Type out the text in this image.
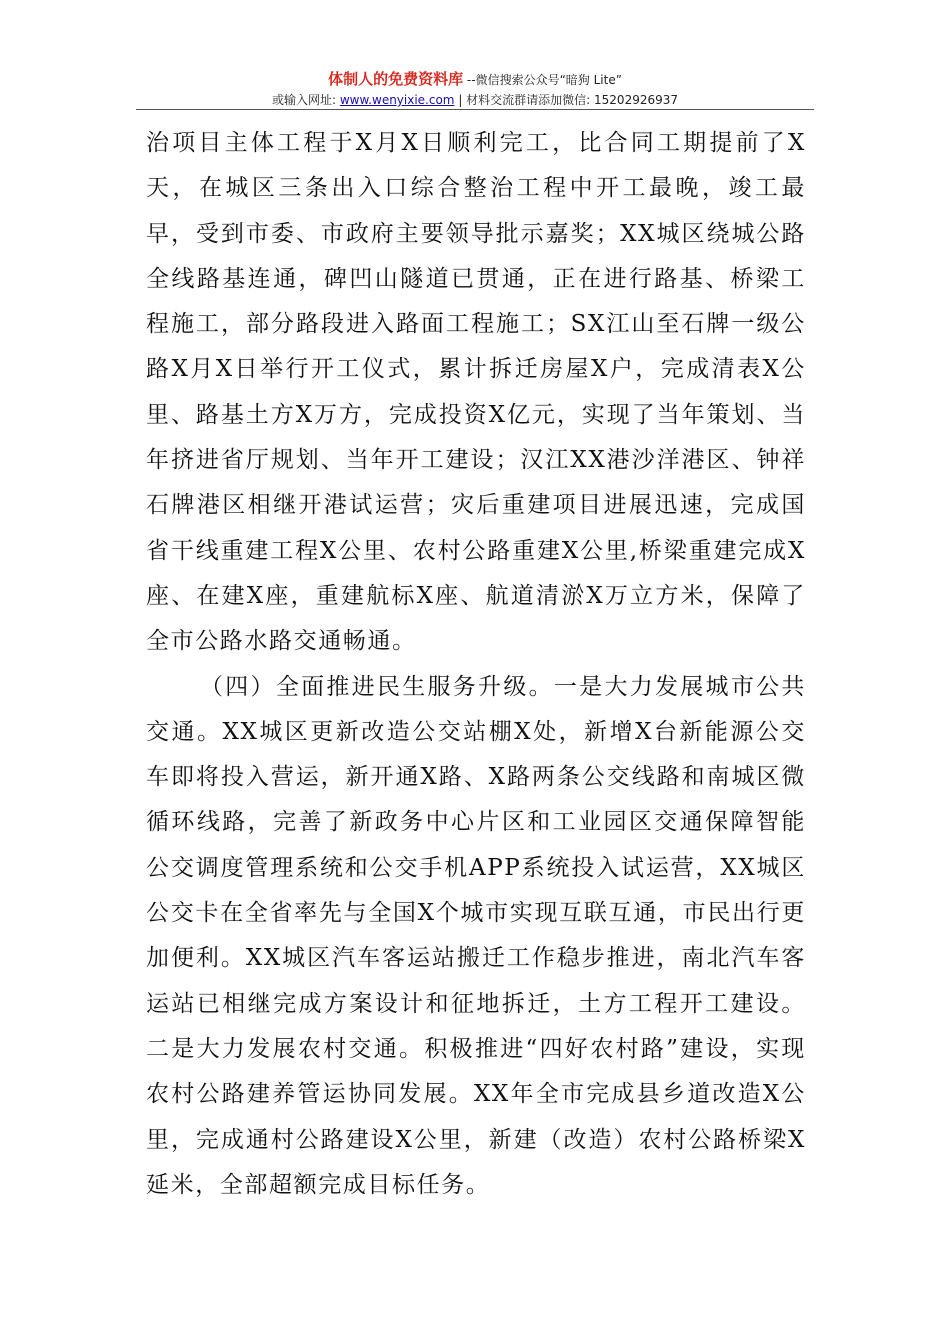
体制人的免费资料库 --微信搜索公众号“暗狗 Lite”
或输入网址: www.wenyixie.com | 材料交流群请添加微信: 15202926937

治项目主体工程于X月X日顺利完工，比合同工期提前了X天，在城区三条出入口综合整治工程中开工最晚，竣工最早，受到市委、市政府主要领导批示嘉奖；XX城区绕城公路全线路基连通，碑凹山隧道已贯通，正在进行路基、桥梁工程施工，部分路段进入路面工程施工；SX江山至石牌一级公路X月X日举行开工仪式，累计拆迁房屋X户，完成清表X公里、路基土方X万方，完成投资X亿元，实现了当年策划、当年挤进省厅规划、当年开工建设；汉江XX港沙洋港区、钟祥石牌港区相继开港试运营；灾后重建项目进展迅速，完成国省干线重建工程X公里、农村公路重建X公里,桥梁重建完成X座、在建X座，重建航标X座、航道清淤X万立方米，保障了全市公路水路交通畅通。

（四）全面推进民生服务升级。一是大力发展城市公共交通。XX城区更新改造公交站棚X处，新增X台新能源公交车即将投入营运，新开通X路、X路两条公交线路和南城区微循环线路，完善了新政务中心片区和工业园区交通保障智能公交调度管理系统和公交手机APP系统投入试运营，XX城区公交卡在全省率先与全国X个城市实现互联互通，市民出行更加便利。XX城区汽车客运站搬迁工作稳步推进，南北汽车客运站已相继完成方案设计和征地拆迁，土方工程开工建设。二是大力发展农村交通。积极推进“四好农村路”建设，实现农村公路建养管运协同发展。XX年全市完成县乡道改造X公里，完成通村公路建设X公里，新建（改造）农村公路桥梁X延米，全部超额完成目标任务。
